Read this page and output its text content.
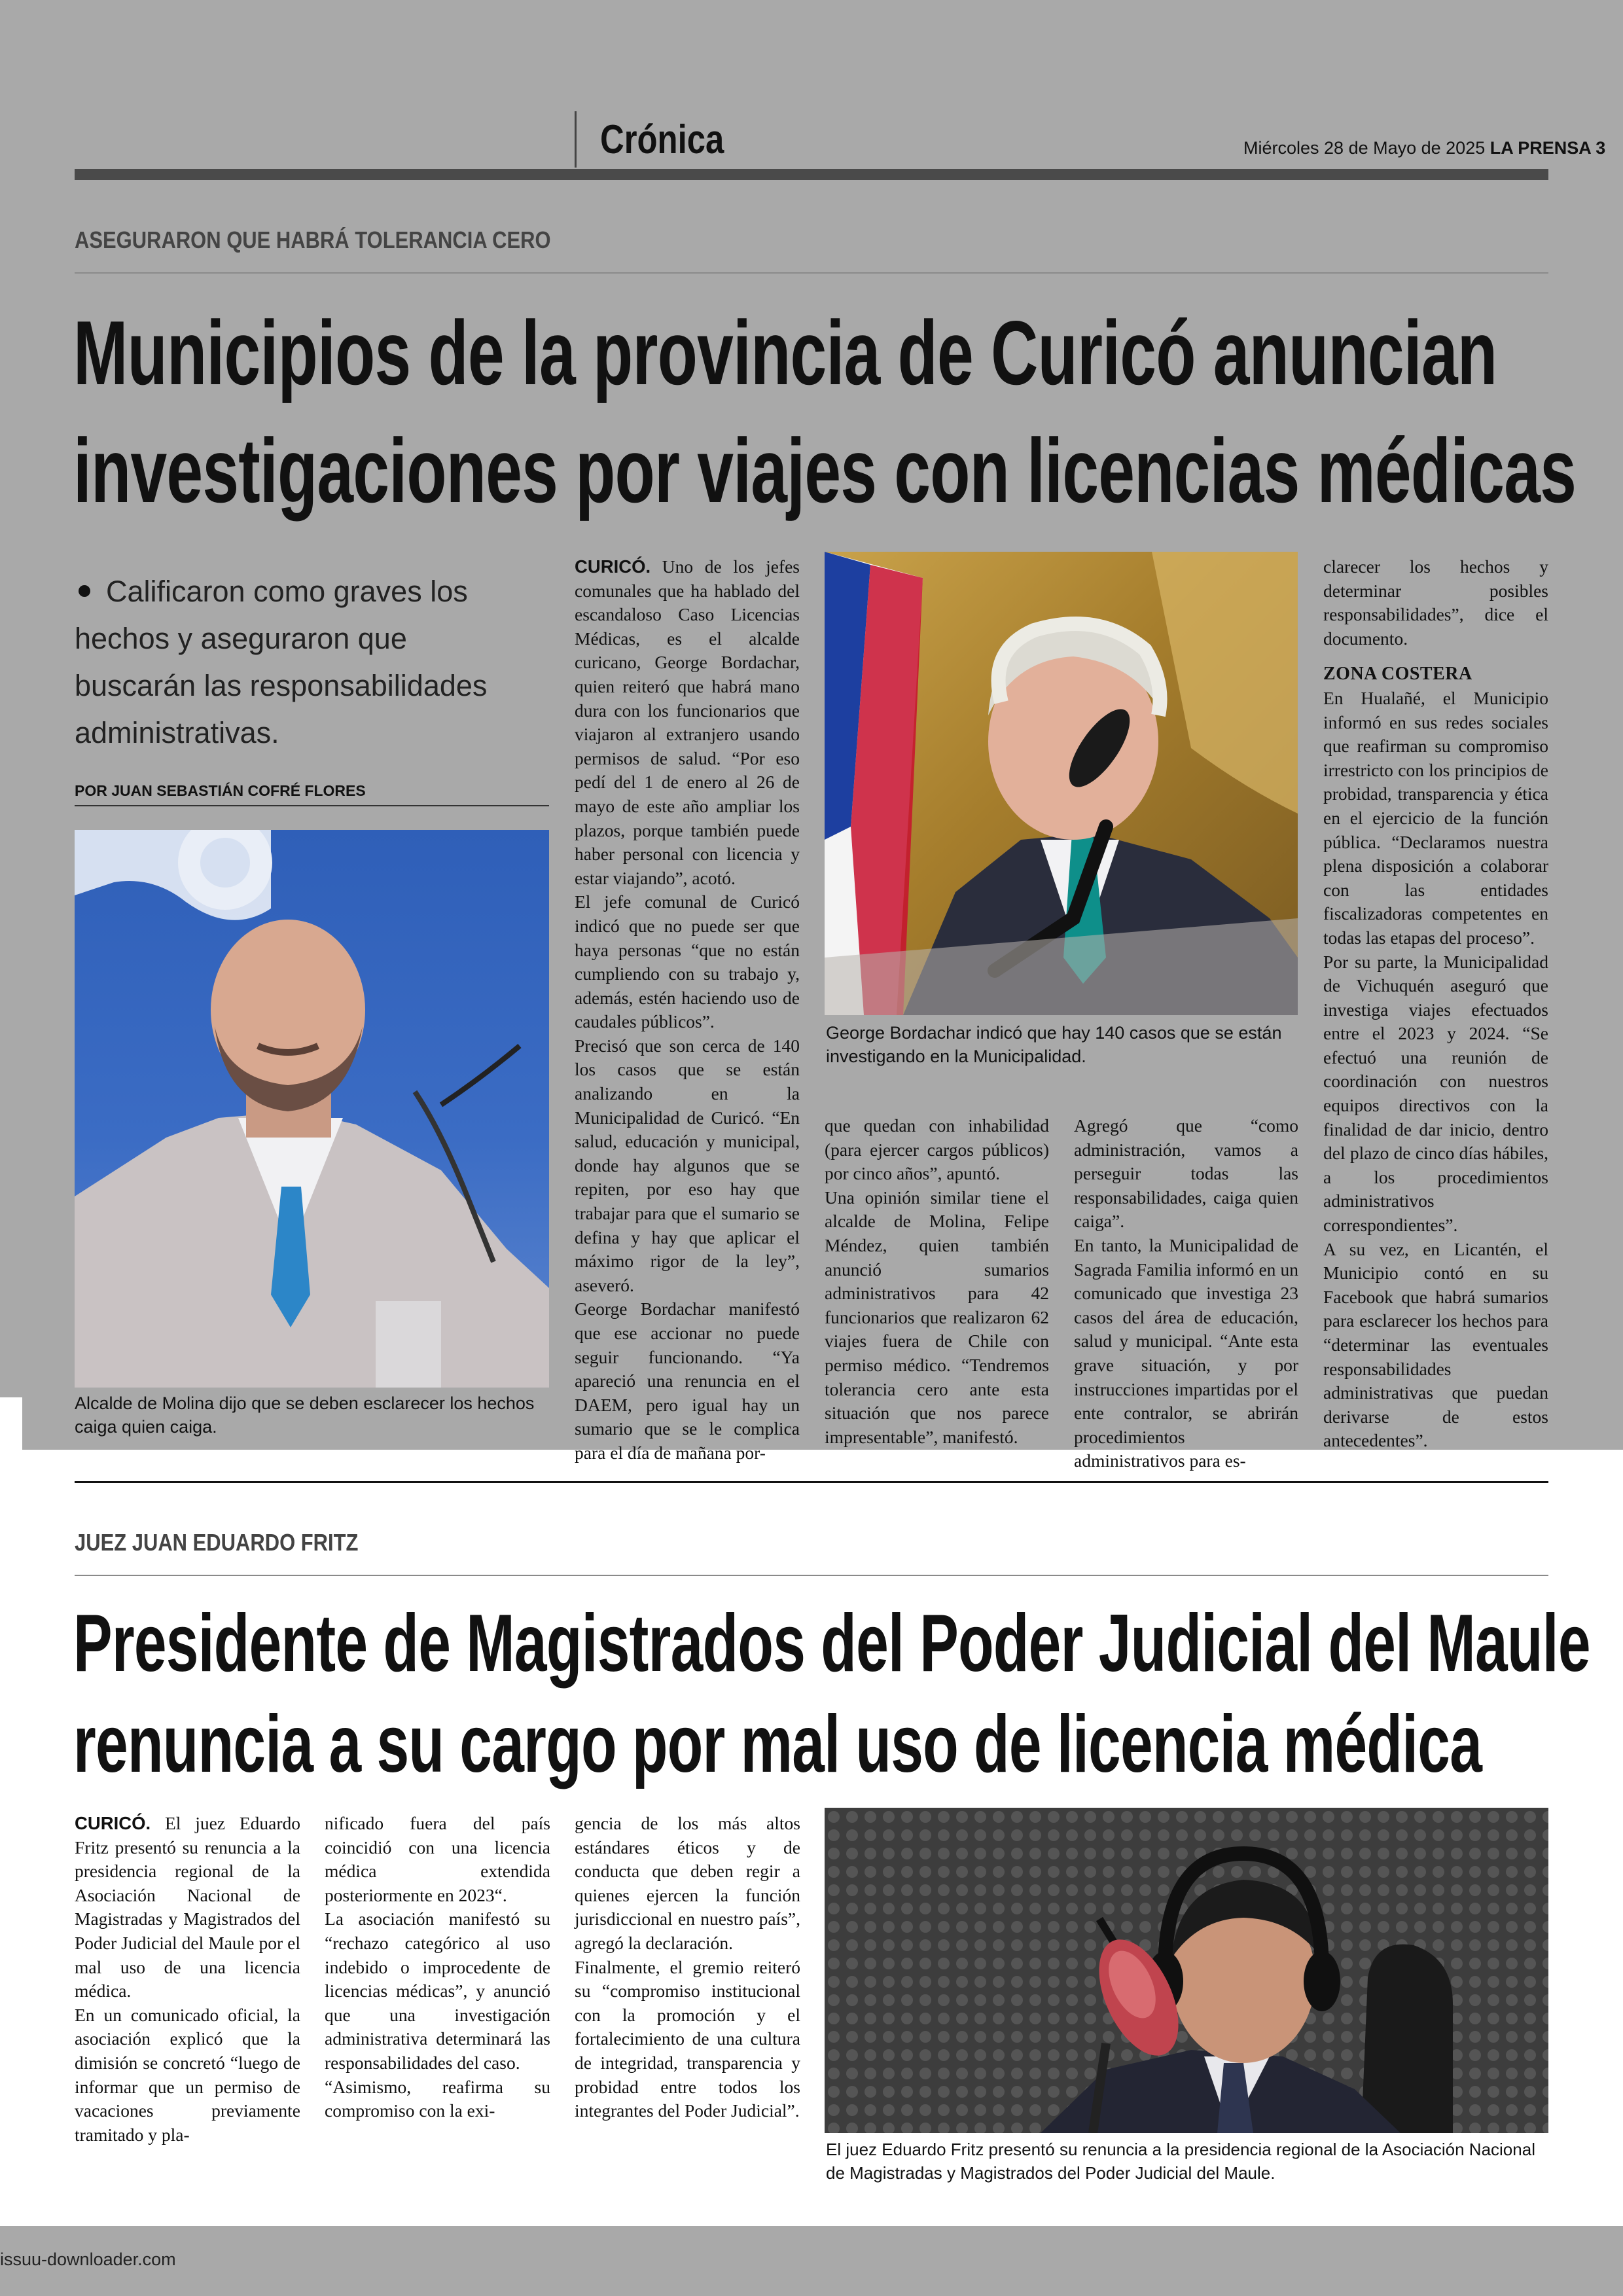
Crónica	Miércoles 28 de Mayo de 2025 LA PRENSA 3
ASEGURARON QUE HABRÁ TOLERANCIA CERO
Municipios de la provincia de Curicó anuncian
investigaciones por viajes con licencias médicas
Calificaron como graves los hechos y aseguraron que buscarán las responsabilidades administrativas.
POR JUAN SEBASTIÁN COFRÉ FLORES
Alcalde de Molina dijo que se deben esclarecer los hechos caiga quien caiga.

CURICÓ. Uno de los jefes comunales que ha hablado del escandaloso Caso Licencias Médicas, es el alcalde curicano, George Bordachar, quien reiteró que habrá mano dura con los funcionarios que viajaron al extranjero usando permisos de salud. “Por eso pedí del 1 de enero al 26 de mayo de este año ampliar los plazos, porque también puede haber personal con licencia y estar viajando”, acotó.

El jefe comunal de Curicó indicó que no puede ser que haya personas “que no están cumpliendo con su trabajo y, además, estén haciendo uso de caudales públicos”.

Precisó que son cerca de 140 los casos que se están analizando en la Municipalidad de Curicó. “En salud, educación y municipal, donde hay algunos que se repiten, por eso hay que trabajar para que el sumario se defina y hay que aplicar el máximo rigor de la ley”, aseveró.

George Bordachar manifestó que ese accionar no puede seguir funcionando. “Ya apareció una renuncia en el DAEM, pero igual hay un sumario que se le complica para el día de mañana por-

George Bordachar indicó que hay 140 casos que se están investigando en la Municipalidad.

que quedan con inhabilidad (para ejercer cargos públicos) por cinco años”, apuntó.

Una opinión similar tiene el alcalde de Molina, Felipe Méndez, quien también anunció sumarios administrativos para 42 funcionarios que realizaron 62 viajes fuera de Chile con permiso médico. “Tendremos tolerancia cero ante esta situación que nos parece impresentable”, manifestó.

Agregó que “como administración, vamos a perseguir todas las responsabilidades, caiga quien caiga”.

En tanto, la Municipalidad de Sagrada Familia informó en un comunicado que investiga 23 casos del área de educación, salud y municipal. “Ante esta grave situación, y por instrucciones impartidas por el ente contralor, se abrirán procedimientos administrativos para es-

clarecer los hechos y determinar posibles responsabilidades”, dice el documento.

ZONA COSTERA

En Hualañé, el Municipio informó en sus redes sociales que reafirman su compromiso irrestricto con los principios de probidad, transparencia y ética en el ejercicio de la función pública. “Declaramos nuestra plena disposición a colaborar con las entidades fiscalizadoras competentes en todas las etapas del proceso”.

Por su parte, la Municipalidad de Vichuquén aseguró que investiga viajes efectuados entre el 2023 y 2024. “Se efectuó una reunión de coordinación con nuestros equipos directivos con la finalidad de dar inicio, dentro del plazo de cinco días hábiles, a los procedimientos administrativos correspondientes”.

A su vez, en Licantén, el Municipio contó en su Facebook que habrá sumarios para esclarecer los hechos para “determinar las eventuales responsabilidades administrativas que puedan derivarse de estos antecedentes”.

JUEZ JUAN EDUARDO FRITZ
Presidente de Magistrados del Poder Judicial del Maule
renuncia a su cargo por mal uso de licencia médica

CURICÓ. El juez Eduardo Fritz presentó su renuncia a la presidencia regional de la Asociación Nacional de Magistradas y Magistrados del Poder Judicial del Maule por el mal uso de una licencia médica.

En un comunicado oficial, la asociación explicó que la dimisión se concretó “luego de informar que un permiso de vacaciones previamente tramitado y pla-

nificado fuera del país coincidió con una licencia médica extendida posteriormente en 2023“.

La asociación manifestó su “rechazo categórico al uso indebido o improcedente de licencias médicas”, y anunció que una investigación administrativa determinará las responsabilidades del caso.

“Asimismo, reafirma su compromiso con la exi-

gencia de los más altos estándares éticos y de conducta que deben regir a quienes ejercen la función jurisdiccional en nuestro país”, agregó la declaración.

Finalmente, el gremio reiteró su “compromiso institucional con la promoción y el fortalecimiento de una cultura de integridad, transparencia y probidad entre todos los integrantes del Poder Judicial”.

El juez Eduardo Fritz presentó su renuncia a la presidencia regional de la Asociación Nacional de Magistradas y Magistrados del Poder Judicial del Maule.
issuu-downloader.com
